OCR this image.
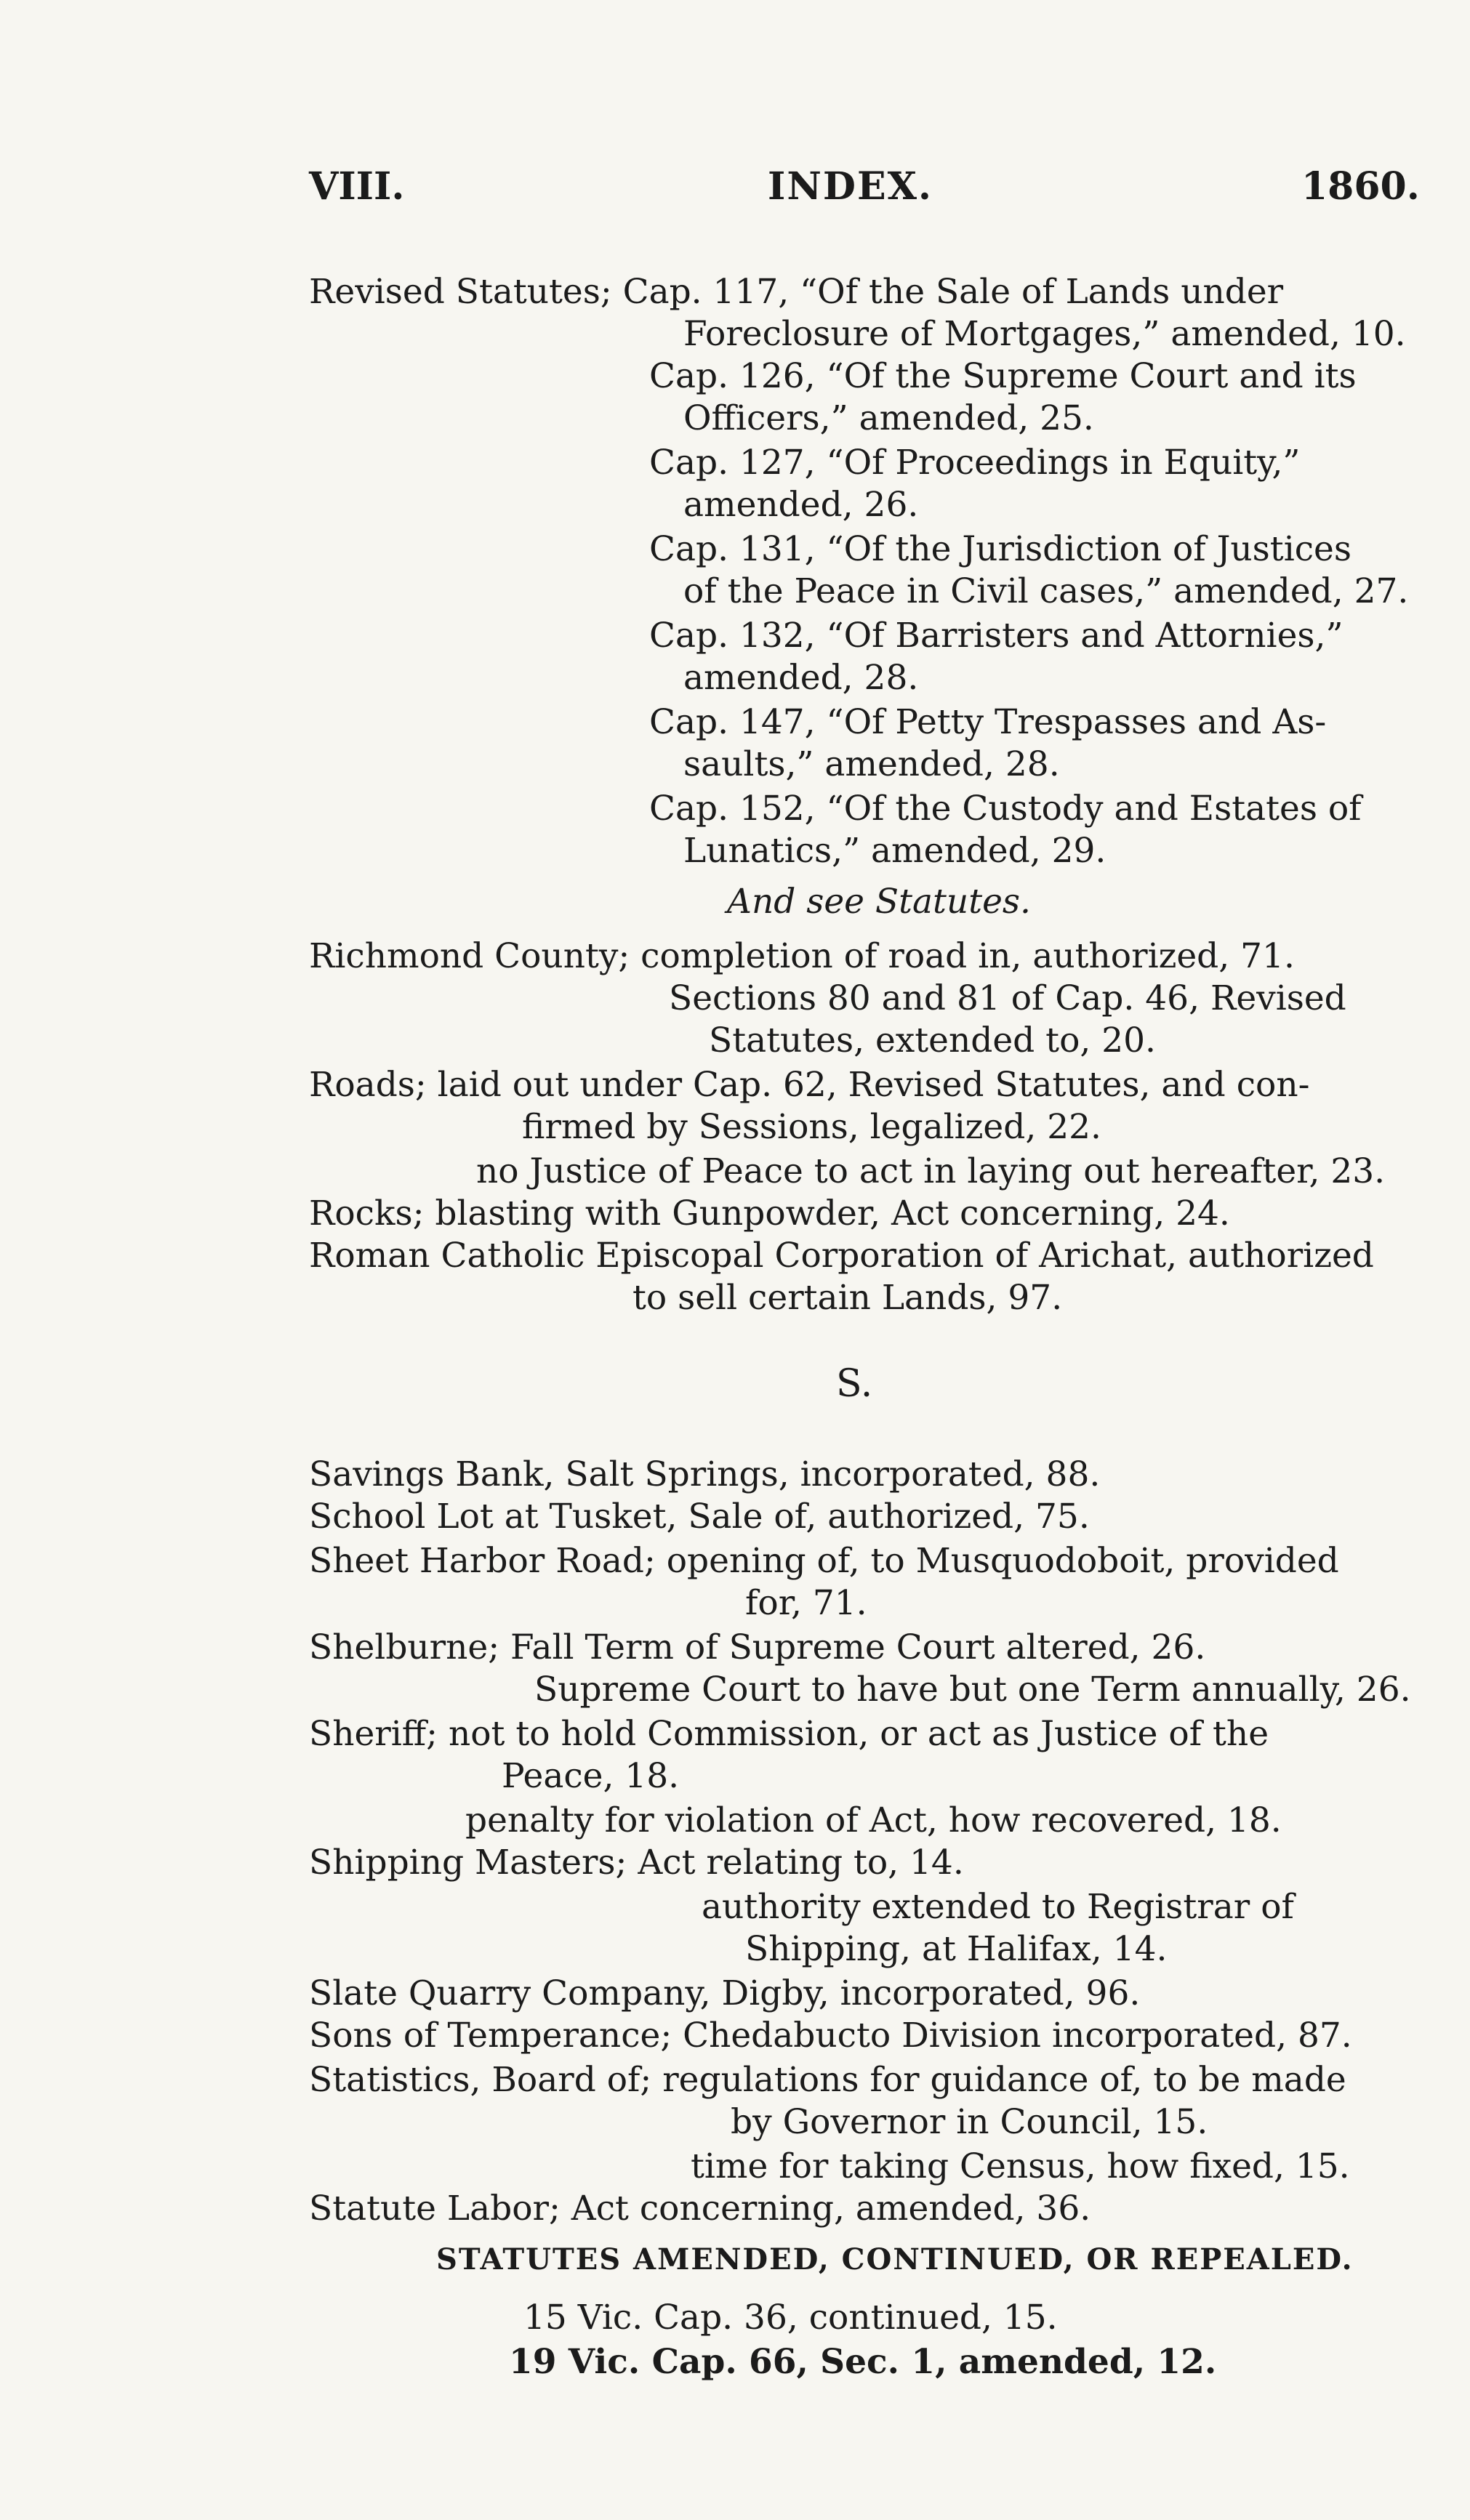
VIII.	INDEX.	1860.
Revised Statutes; Cap. 117, “Of the Sale of Lands under
Foreclosure of Mortgages,” amended, 10.
Cap. 126, “Of the Supreme Court and its
Officers,” amended, 25.
Cap. 127, “Of Proceedings in Equity,”
amended, 26.
Cap. 131, “Of the Jurisdiction of Justices
of the Peace in Civil cases,” amended, 27.
Cap. 132, “Of Barristers and Attornies,”
amended, 28.
Cap. 147, “Of Petty Trespasses and As-
saults,” amended, 28.
Cap. 152, “Of the Custody and Estates of
Lunatics,” amended, 29.
And see Statutes.
Richmond County; completion of road in, authorized, 71.
Sections 80 and 81 of Cap. 46, Revised
Statutes, extended to, 20.
Roads; laid out under Cap. 62, Revised Statutes, and con-
firmed by Sessions, legalized, 22.
no Justice of Peace to act in laying out hereafter, 23.
Rocks; blasting with Gunpowder, Act concerning, 24.
Roman Catholic Episcopal Corporation of Arichat, authorized
to sell certain Lands, 97.
S.
Savings Bank, Salt Springs, incorporated, 88.
School Lot at Tusket, Sale of, authorized, 75.
Sheet Harbor Road; opening of, to Musquodoboit, provided
for, 71.
Shelburne; Fall Term of Supreme Court altered, 26.
Supreme Court to have but one Term annually, 26.
Sheriff; not to hold Commission, or act as Justice of the
Peace, 18.
penalty for violation of Act, how recovered, 18.
Shipping Masters; Act relating to, 14.
authority extended to Registrar of
Shipping, at Halifax, 14.
Slate Quarry Company, Digby, incorporated, 96.
Sons of Temperance; Chedabucto Division incorporated, 87.
Statistics, Board of; regulations for guidance of, to be made
by Governor in Council, 15.
time for taking Census, how fixed, 15.
Statute Labor; Act concerning, amended, 36.
STATUTES AMENDED, CONTINUED, OR REPEALED.
15 Vic. Cap. 36, continued, 15.
19 Vic. Cap. 66, Sec. 1, amended, 12.
